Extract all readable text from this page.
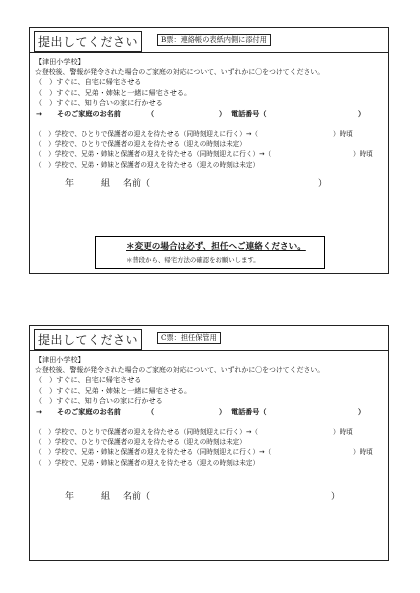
提出してください	B票：連絡帳の表紙内側に添付用
【津田小学校】
☆登校後、警報が発令された場合のご家庭の対応について、いずれかに〇をつけてください。
（　）すぐに、自宅に帰宅させる
（　）すぐに、兄弟・姉妹と一緒に帰宅させる。
（　）すぐに、知り合いの家に行かせる
→ そのご家庭のお名前	（	） 電話番号（	）
（　）学校で、ひとりで保護者の迎えを待たせる（同時刻迎えに行く）→（	）時頃
（　）学校で、ひとりで保護者の迎えを待たせる（迎えの時刻は未定）
（　）学校で、兄弟・姉妹と保護者の迎えを待たせる（同時刻迎えに行く）→（	）時頃
（　）学校で、兄弟・姉妹と保護者の迎えを待たせる（迎えの時刻は未定）
年	組 名前（	）
＊変更の場合は必ず、担任へご連絡ください。
＊普段から、帰宅方法の確認をお願いします。
提出してください	C票：担任保管用
【津田小学校】
☆登校後、警報が発令された場合のご家庭の対応について、いずれかに〇をつけてください。
（　）すぐに、自宅に帰宅させる
（　）すぐに、兄弟・姉妹と一緒に帰宅させる。
（　）すぐに、知り合いの家に行かせる
→ そのご家庭のお名前	（	） 電話番号（	）
（　）学校で、ひとりで保護者の迎えを待たせる（同時刻迎えに行く）→（	）時頃
（　）学校で、ひとりで保護者の迎えを待たせる（迎えの時刻は未定）
（　）学校で、兄弟・姉妹と保護者の迎えを待たせる（同時刻迎えに行く）→（	）時頃
（　）学校で、兄弟・姉妹と保護者の迎えを待たせる（迎えの時刻は未定）
年	組 名前（	）
